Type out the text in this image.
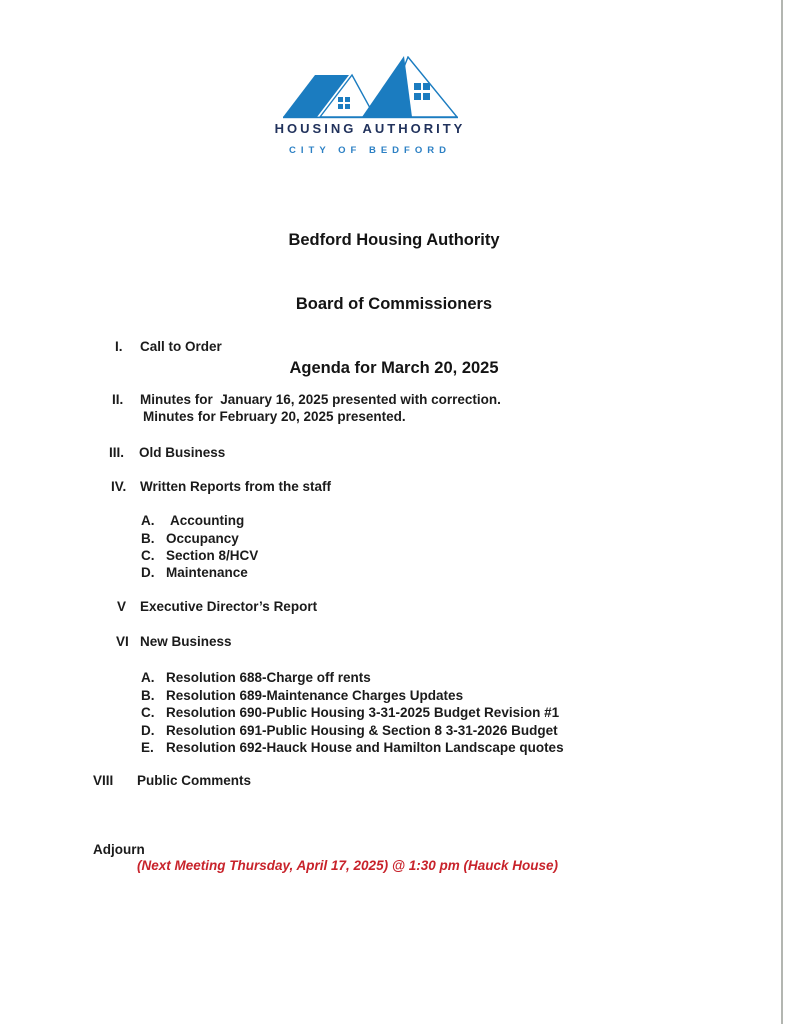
HOUSING AUTHORITY
CITY OF BEDFORD

Bedford Housing Authority

Board of Commissioners

Agenda for March 20, 2025

I. Call to Order
II. Minutes for  January 16, 2025 presented with correction.
Minutes for February 20, 2025 presented.
III. Old Business
IV. Written Reports from the staff
A. Accounting
B. Occupancy
C. Section 8/HCV
D. Maintenance
V Executive Director’s Report
VI New Business
A. Resolution 688-Charge off rents
B. Resolution 689-Maintenance Charges Updates
C. Resolution 690-Public Housing 3-31-2025 Budget Revision #1
D. Resolution 691-Public Housing & Section 8 3-31-2026 Budget
E. Resolution 692-Hauck House and Hamilton Landscape quotes
VIII Public Comments
Adjourn
(Next Meeting Thursday, April 17, 2025) @ 1:30 pm (Hauck House)
